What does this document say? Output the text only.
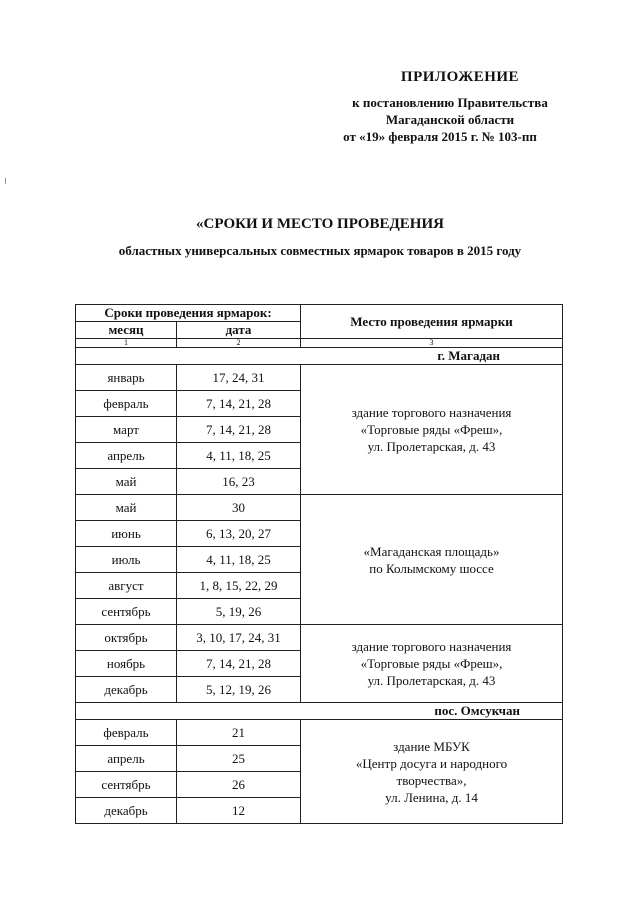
ПРИЛОЖЕНИЕ
к постановлению Правительства
Магаданской области
от «19» февраля 2015 г. № 103-пп
«СРОКИ И МЕСТО ПРОВЕДЕНИЯ
областных универсальных совместных ярмарок товаров в 2015 году
Сроки проведения ярмарок:		Место проведения ярмарки
месяц	дата	
1	2	3
		г. Магадан
январь	17, 24, 31	здание торгового назначения
«Торговые ряды «Фреш»,
ул. Пролетарская, д. 43

февраль	7, 14, 21, 28	
март	7, 14, 21, 28	
апрель	4, 11, 18, 25	
май	16, 23	
май	30	«Магаданская площадь»
по Колымскому шоссе

июнь	6, 13, 20, 27	
июль	4, 11, 18, 25	
август	1, 8, 15, 22, 29	
сентябрь	5, 19, 26	
октябрь	3, 10, 17, 24, 31	здание торгового назначения
«Торговые ряды «Фреш»,
ул. Пролетарская, д. 43

ноябрь	7, 14, 21, 28	
декабрь	5, 12, 19, 26	
		пос. Омсукчан
февраль	21	здание МБУК
«Центр досуга и народного
творчества»,
ул. Ленина, д. 14

апрель	25	
сентябрь	26	
декабрь	12	
